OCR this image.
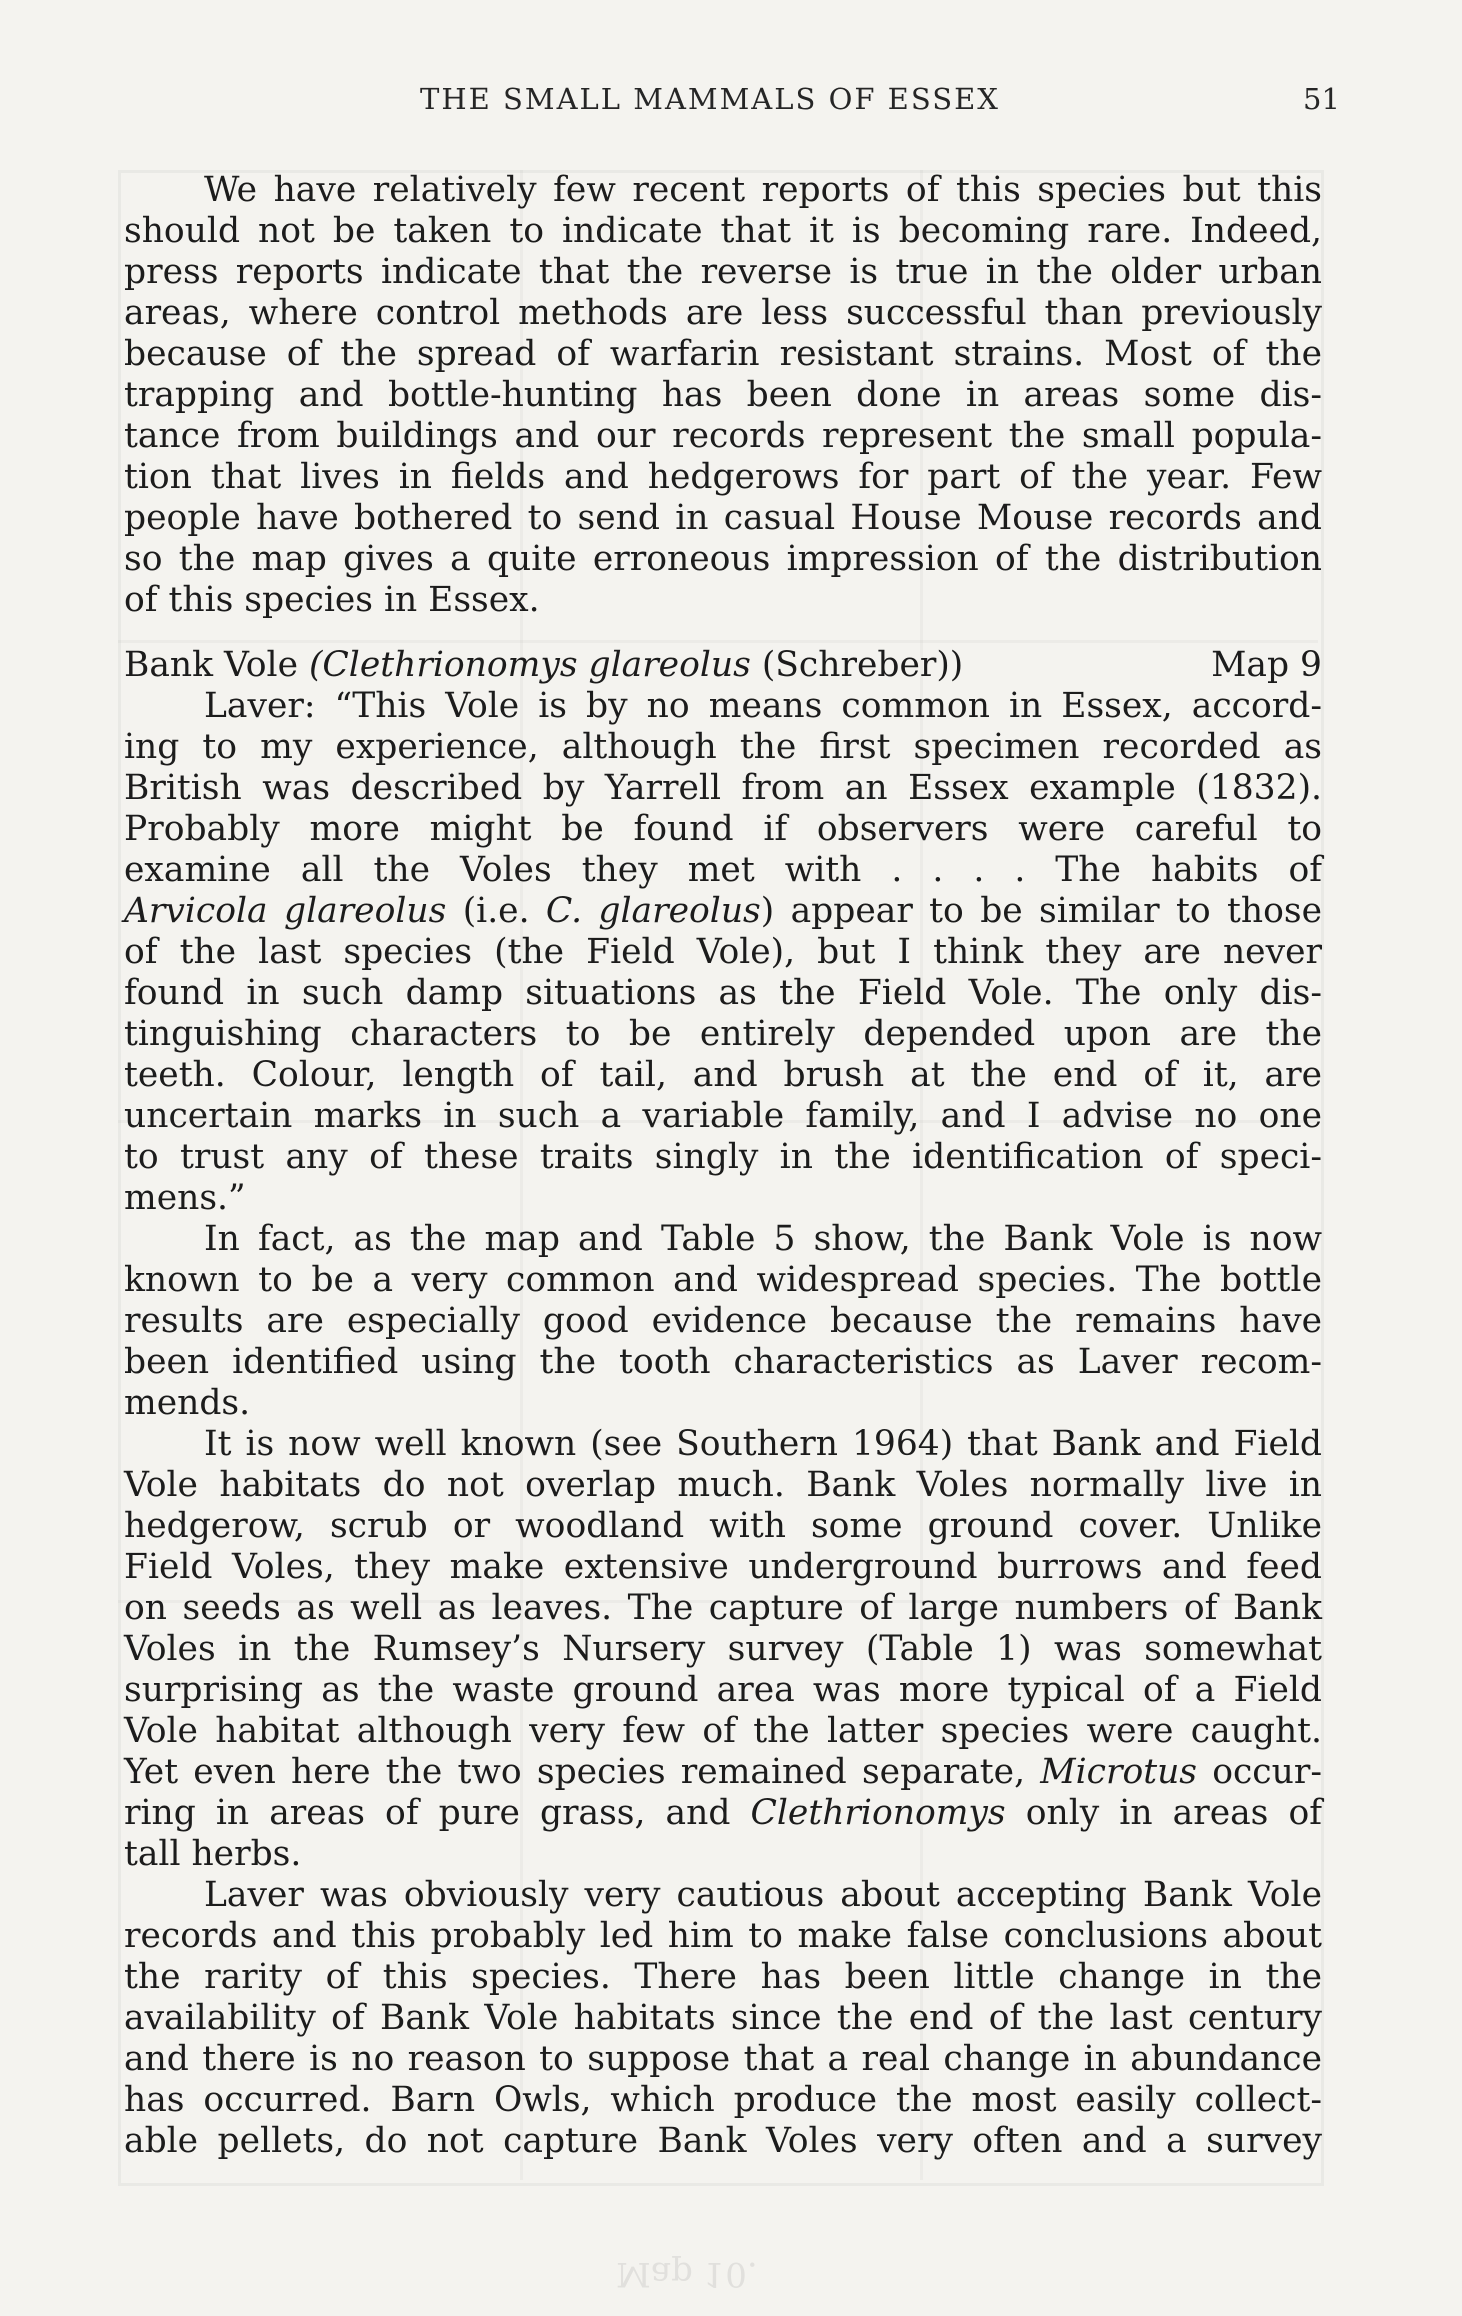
THE SMALL MAMMALS OF ESSEX	51
We have relatively few recent reports of this species but this
should not be taken to indicate that it is becoming rare. Indeed,
press reports indicate that the reverse is true in the older urban
areas, where control methods are less successful than previously
because of the spread of warfarin resistant strains. Most of the
trapping and bottle-hunting has been done in areas some dis-
tance from buildings and our records represent the small popula-
tion that lives in fields and hedgerows for part of the year. Few
people have bothered to send in casual House Mouse records and
so the map gives a quite erroneous impression of the distribution
of this species in Essex.
Bank Vole (Clethrionomys glareolus (Schreber))	Map 9
Laver: “This Vole is by no means common in Essex, accord-
ing to my experience, although the first specimen recorded as
British was described by Yarrell from an Essex example (1832).
Probably more might be found if observers were careful to
examine all the Voles they met with . . . . The habits of
Arvicola glareolus (i.e. C. glareolus) appear to be similar to those
of the last species (the Field Vole), but I think they are never
found in such damp situations as the Field Vole. The only dis-
tinguishing characters to be entirely depended upon are the
teeth. Colour, length of tail, and brush at the end of it, are
uncertain marks in such a variable family, and I advise no one
to trust any of these traits singly in the identification of speci-
mens.”
In fact, as the map and Table 5 show, the Bank Vole is now
known to be a very common and widespread species. The bottle
results are especially good evidence because the remains have
been identified using the tooth characteristics as Laver recom-
mends.
It is now well known (see Southern 1964) that Bank and Field
Vole habitats do not overlap much. Bank Voles normally live in
hedgerow, scrub or woodland with some ground cover. Unlike
Field Voles, they make extensive underground burrows and feed
on seeds as well as leaves. The capture of large numbers of Bank
Voles in the Rumsey’s Nursery survey (Table 1) was somewhat
surprising as the waste ground area was more typical of a Field
Vole habitat although very few of the latter species were caught.
Yet even here the two species remained separate, Microtus occur-
ring in areas of pure grass, and Clethrionomys only in areas of
tall herbs.
Laver was obviously very cautious about accepting Bank Vole
records and this probably led him to make false conclusions about
the rarity of this species. There has been little change in the
availability of Bank Vole habitats since the end of the last century
and there is no reason to suppose that a real change in abundance
has occurred. Barn Owls, which produce the most easily collect-
able pellets, do not capture Bank Voles very often and a survey
Map 10.
